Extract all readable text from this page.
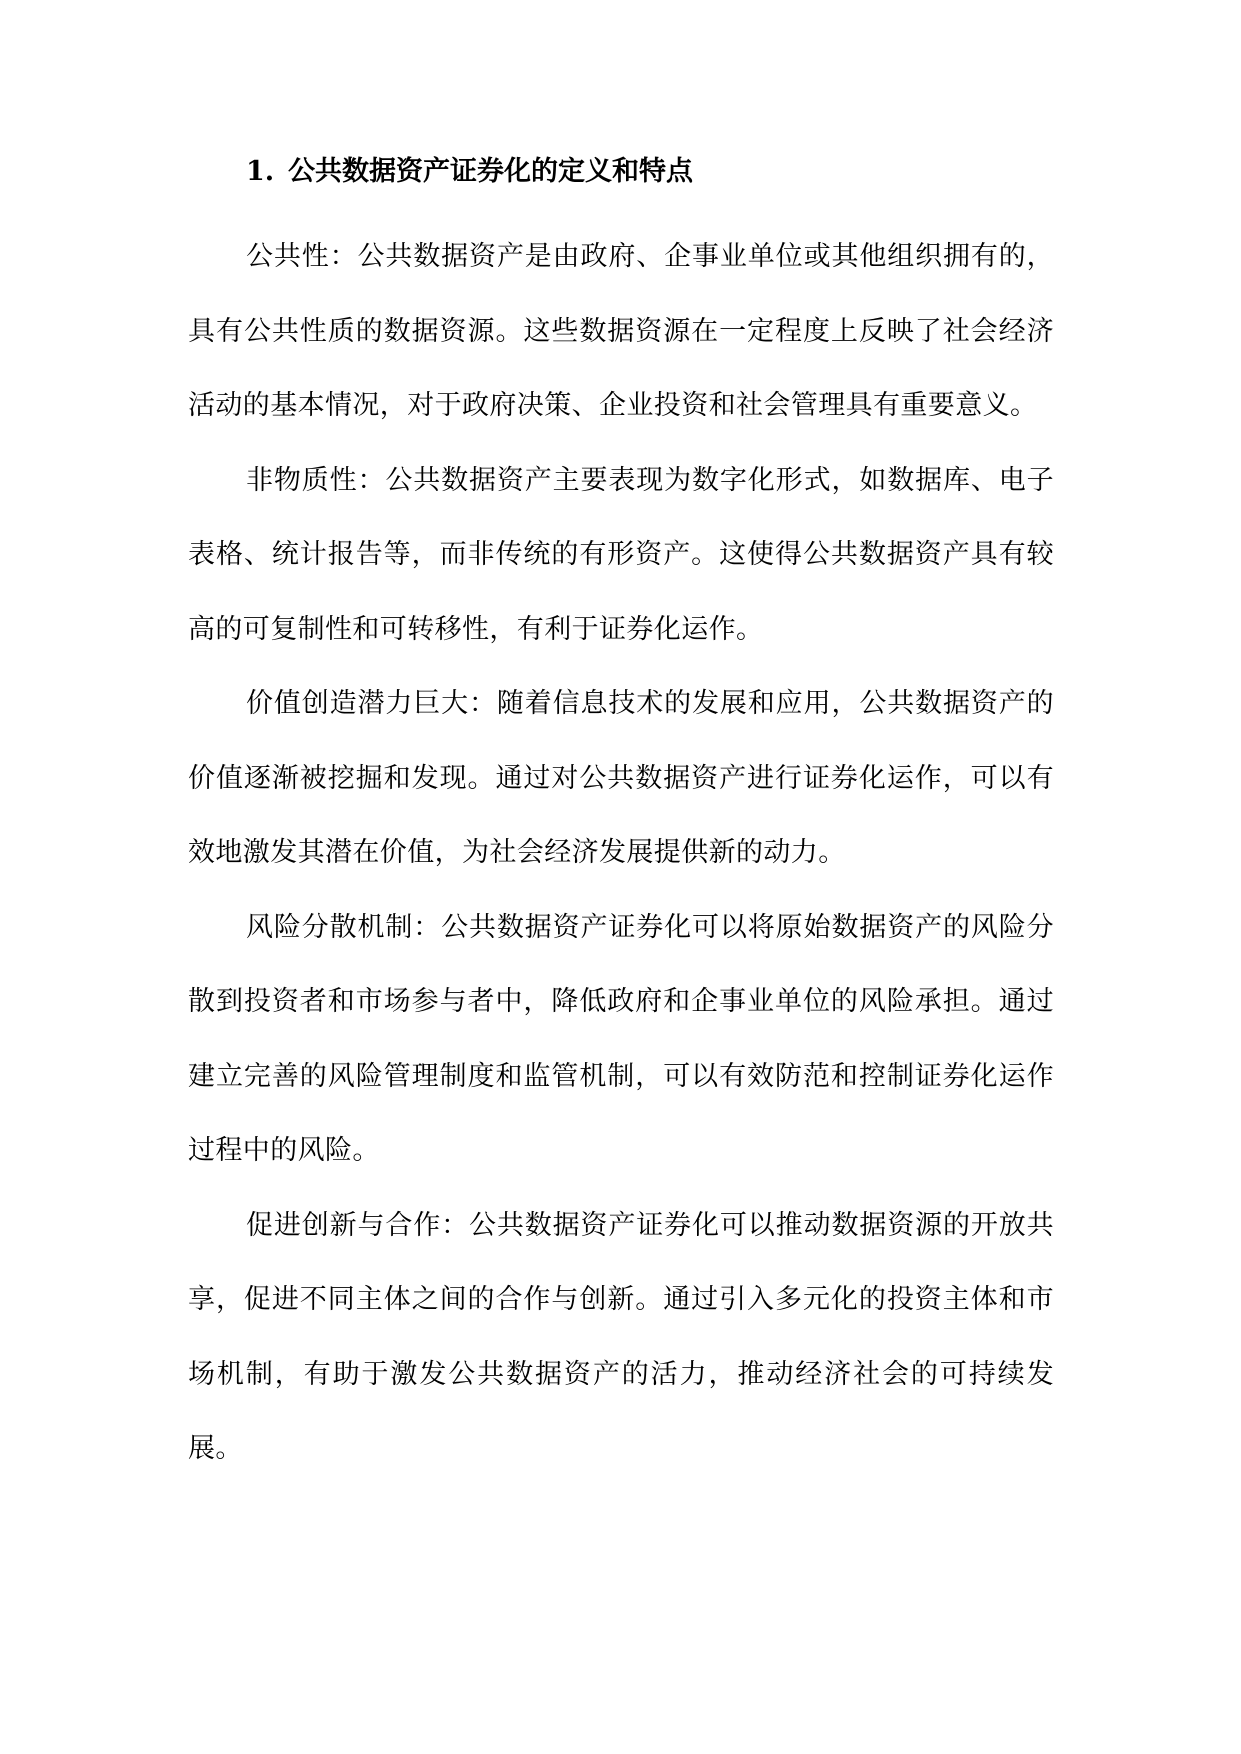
1. 公共数据资产证券化的定义和特点

公共性：公共数据资产是由政府、企事业单位或其他组织拥有的，具有公共性质的数据资源。这些数据资源在一定程度上反映了社会经济活动的基本情况，对于政府决策、企业投资和社会管理具有重要意义。

非物质性：公共数据资产主要表现为数字化形式，如数据库、电子表格、统计报告等，而非传统的有形资产。这使得公共数据资产具有较高的可复制性和可转移性，有利于证券化运作。

价值创造潜力巨大：随着信息技术的发展和应用，公共数据资产的价值逐渐被挖掘和发现。通过对公共数据资产进行证券化运作，可以有效地激发其潜在价值，为社会经济发展提供新的动力。

风险分散机制：公共数据资产证券化可以将原始数据资产的风险分散到投资者和市场参与者中，降低政府和企事业单位的风险承担。通过建立完善的风险管理制度和监管机制，可以有效防范和控制证券化运作过程中的风险。

促进创新与合作：公共数据资产证券化可以推动数据资源的开放共享，促进不同主体之间的合作与创新。通过引入多元化的投资主体和市场机制，有助于激发公共数据资产的活力，推动经济社会的可持续发展。
